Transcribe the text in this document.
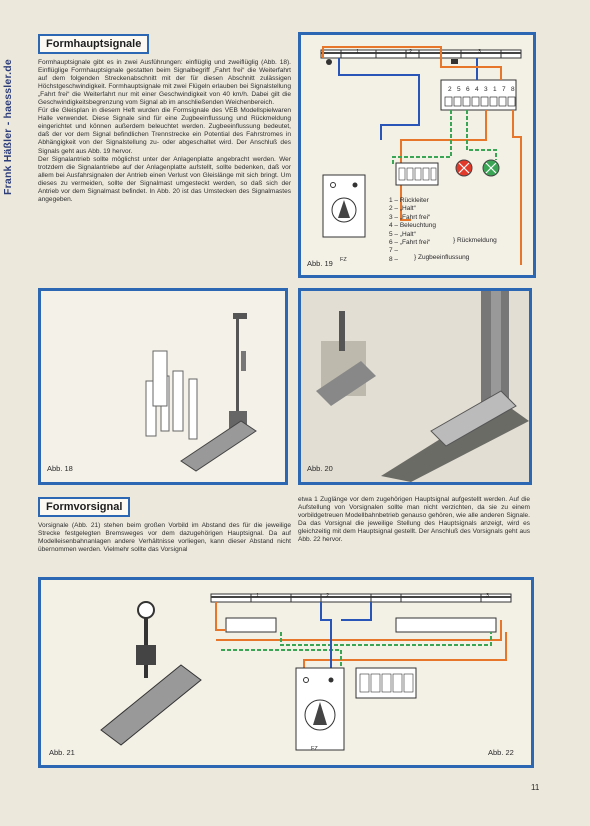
Frank Häßler - haessler.de
Formhauptsignale
Formhauptsignale gibt es in zwei Ausführungen: einflüglig und zweiflüglig (Abb. 18). Einflüglige Formhauptsignale gestatten beim Signalbegriff „Fahrt frei“ die Weiterfahrt auf dem folgenden Streckenabschnitt mit der für diesen Abschnitt zulässigen Höchstgeschwindigkeit. Formhauptsignale mit zwei Flügeln erlauben bei Signalstellung „Fahrt frei“ die Weiterfahrt nur mit einer Geschwindigkeit von 40 km/h. Dabei gilt die Geschwindigkeitsbegrenzung vom Signal ab im anschließenden Weichenbereich.
Für die Gleisplan in diesem Heft wurden die Formsignale des VEB Modellspielwaren Halle verwendet. Diese Signale sind für eine Zugbeeinflussung und Rückmeldung eingerichtet und können außerdem beleuchtet werden. Zugbeeinflussung bedeutet, daß der vor dem Signal befindlichen Trennstrecke ein Potential des Fahrstromes in Abhängigkeit von der Signalstellung zu- oder abgeschaltet wird. Der Anschluß des Signals geht aus Abb. 19 hervor.
Der Signalantrieb sollte möglichst unter der Anlagenplatte angebracht werden. Wer trotzdem die Signalantriebe auf der Anlagenplatte aufstellt, sollte bedenken, daß vor allem bei Ausfahrsignalen der Antrieb einen Verlust von Gleislänge mit sich bringt. Um dieses zu vermeiden, sollte der Signalmast umgesteckt werden, so daß sich der Antrieb vor dem Signalmast befindet. In Abb. 20 ist das Umstecken des Signalmastes angegeben.
Abb. 19
1 – Rückleiter
2 – „Halt“
3 – „Fahrt frei“
4 – Beleuchtung
5 – „Halt“
6 – „Fahrt frei“
7 –
8 –
} Rückmeldung
} Zugbeeinflussung
FZ
2 5 6 4 3 1 7 8
1	2	3
Abb. 18	Abb. 20
Formvorsignal
Vorsignale (Abb. 21) stehen beim großen Vorbild im Abstand des für die jeweilige Strecke festgelegten Bremsweges vor dem dazugehörigen Hauptsignal. Da auf Modelleisenbahnanlagen andere Verhältnisse vorliegen, kann dieser Abstand nicht übernommen werden. Vielmehr sollte das Vorsignal
etwa 1 Zuglänge vor dem zugehörigen Hauptsignal aufgestellt werden. Auf die Aufstellung von Vorsignalen sollte man nicht verzichten, da sie zu einem vorbildgetreuen Modellbahnbetrieb genauso gehören, wie alle anderen Signale. Da das Vorsignal die jeweilige Stellung des Hauptsignals anzeigt, wird es gleichzeitig mit dem Hauptsignal gestellt. Der Anschluß des Vorsignals geht aus Abb. 22 hervor.
Abb. 21	Abb. 22
FZ
1	2	3
11
